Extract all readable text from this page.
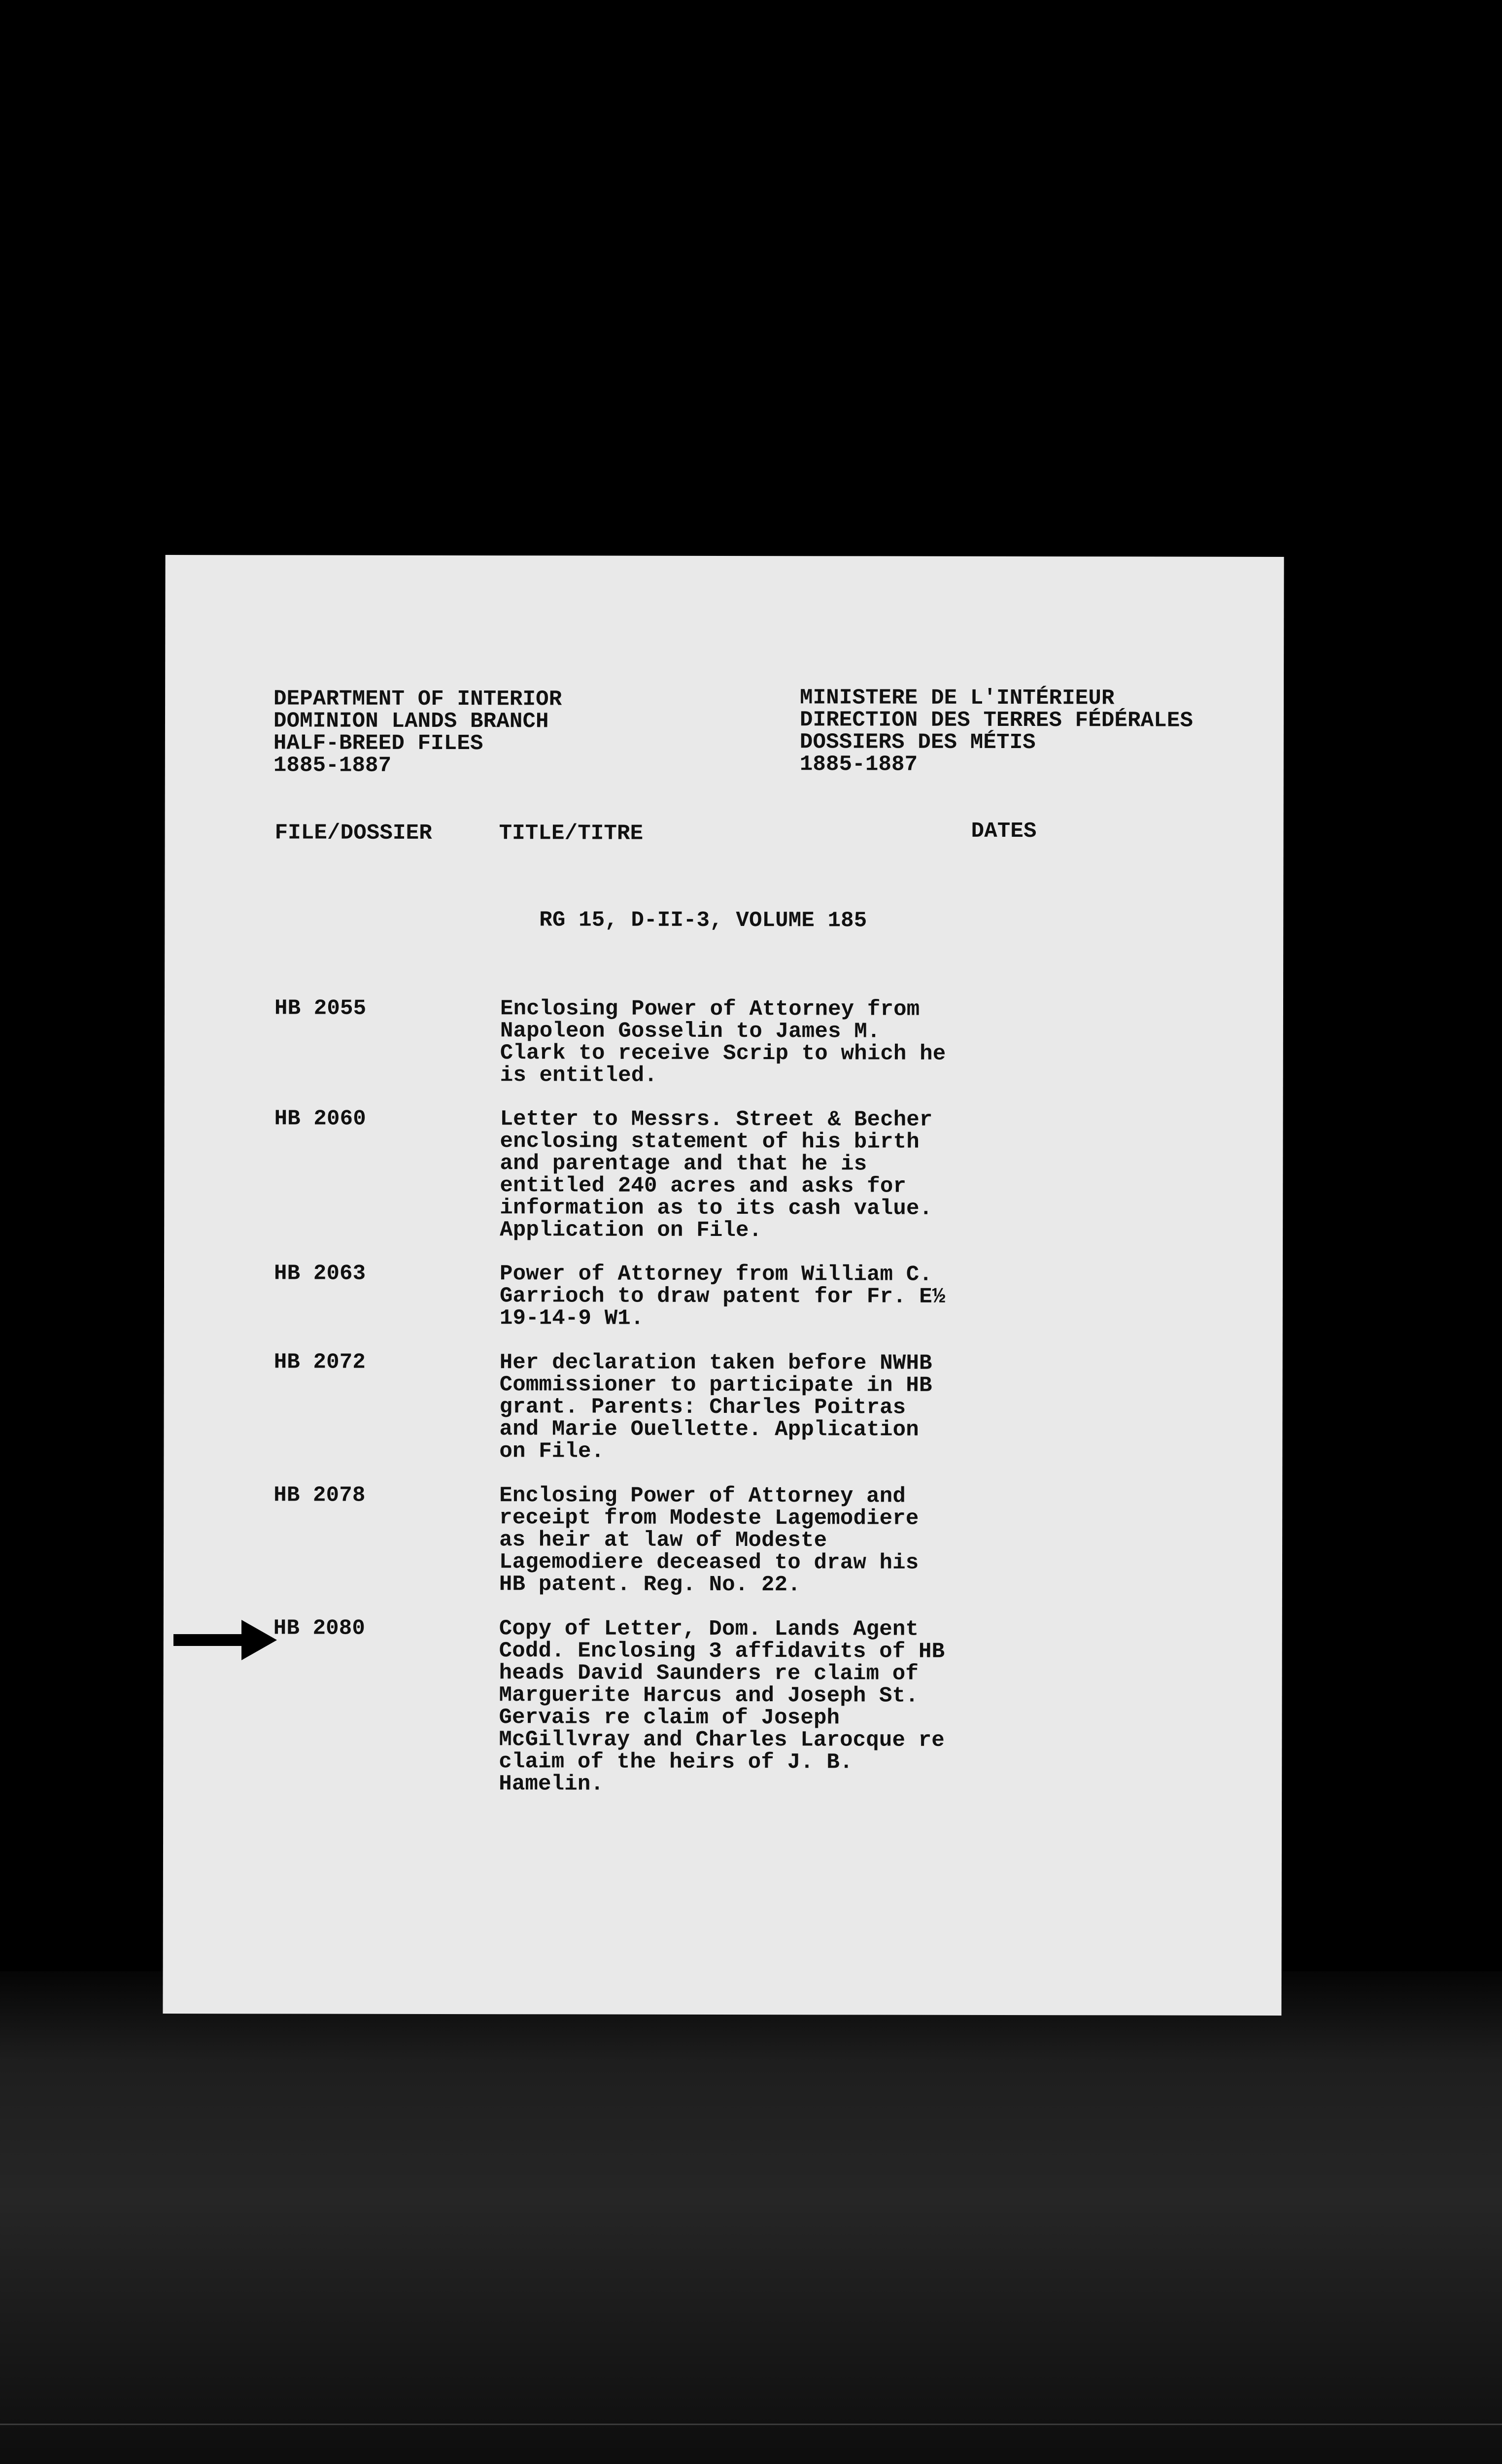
DEPARTMENT OF INTERIOR
DOMINION LANDS BRANCH
HALF-BREED FILES
1885-1887
MINISTERE DE L'INTÉRIEUR
DIRECTION DES TERRES FÉDÉRALES
DOSSIERS DES MÉTIS
1885-1887
FILE/DOSSIER	TITLE/TITRE	DATES
RG 15, D-II-3, VOLUME 185
HB 2055	Enclosing Power of Attorney from
Napoleon Gosselin to James M.
Clark to receive Scrip to which he
is entitled.
HB 2060	Letter to Messrs. Street & Becher
enclosing statement of his birth
and parentage and that he is
entitled 240 acres and asks for
information as to its cash value.
Application on File.
HB 2063	Power of Attorney from William C.
Garrioch to draw patent for Fr. E½
19-14-9 W1.
HB 2072	Her declaration taken before NWHB
Commissioner to participate in HB
grant. Parents: Charles Poitras
and Marie Ouellette. Application
on File.
HB 2078	Enclosing Power of Attorney and
receipt from Modeste Lagemodiere
as heir at law of Modeste
Lagemodiere deceased to draw his
HB patent. Reg. No. 22.
HB 2080	Copy of Letter, Dom. Lands Agent
Codd. Enclosing 3 affidavits of HB
heads David Saunders re claim of
Marguerite Harcus and Joseph St.
Gervais re claim of Joseph
McGillvray and Charles Larocque re
claim of the heirs of J. B.
Hamelin.
